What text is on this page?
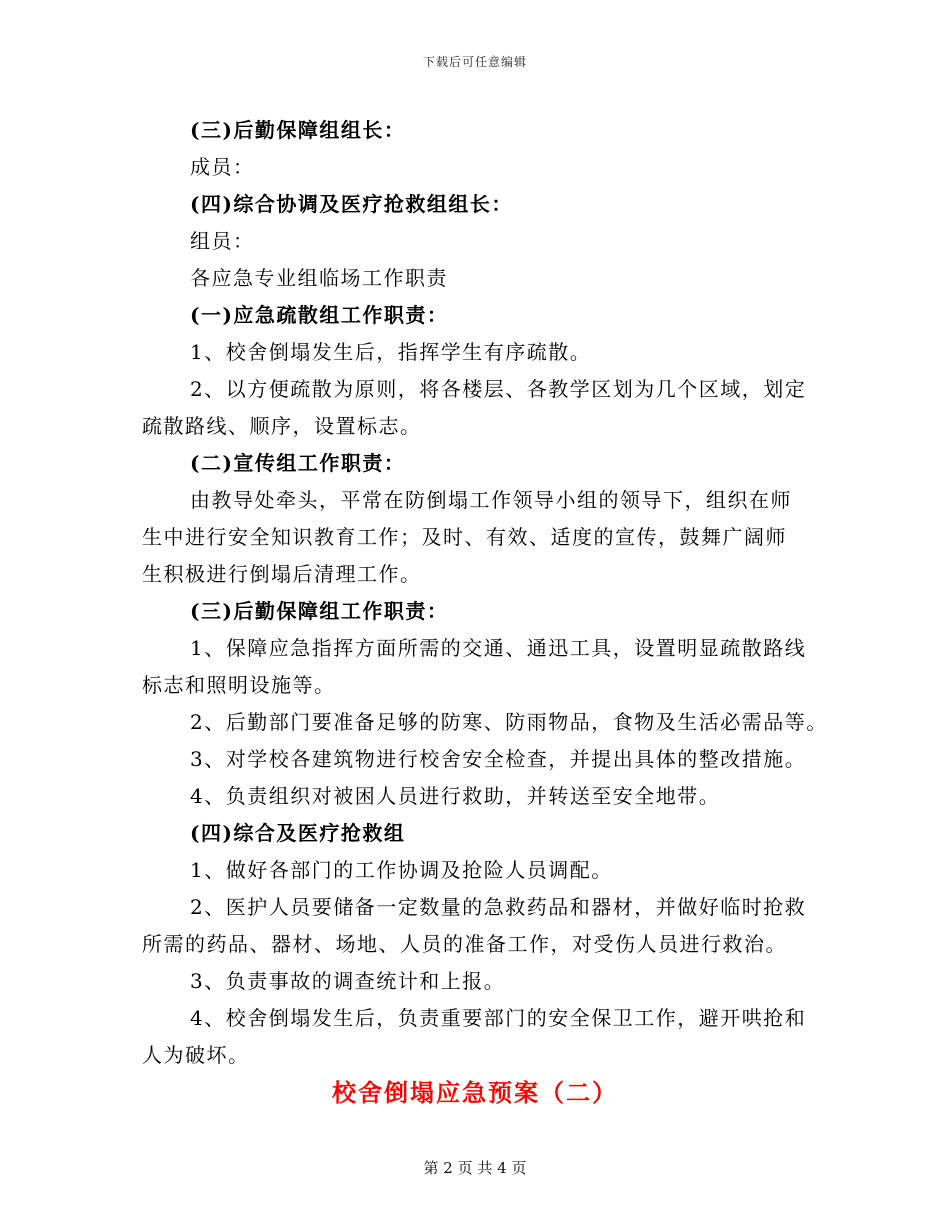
下载后可任意编辑
(三)后勤保障组组长：
成员：
(四)综合协调及医疗抢救组组长：
组员：
各应急专业组临场工作职责
(一)应急疏散组工作职责：
1、校舍倒塌发生后，指挥学生有序疏散。
2、以方便疏散为原则，将各楼层、各教学区划为几个区域，划定
疏散路线、顺序，设置标志。
(二)宣传组工作职责：
由教导处牵头，平常在防倒塌工作领导小组的领导下，组织在师
生中进行安全知识教育工作；及时、有效、适度的宣传，鼓舞广阔师
生积极进行倒塌后清理工作。
(三)后勤保障组工作职责：
1、保障应急指挥方面所需的交通、通迅工具，设置明显疏散路线
标志和照明设施等。
2、后勤部门要准备足够的防寒、防雨物品，食物及生活必需品等。
3、对学校各建筑物进行校舍安全检查，并提出具体的整改措施。
4、负责组织对被困人员进行救助，并转送至安全地带。
(四)综合及医疗抢救组
1、做好各部门的工作协调及抢险人员调配。
2、医护人员要储备一定数量的急救药品和器材，并做好临时抢救
所需的药品、器材、场地、人员的准备工作，对受伤人员进行救治。
3、负责事故的调查统计和上报。
4、校舍倒塌发生后，负责重要部门的安全保卫工作，避开哄抢和
人为破坏。
校舍倒塌应急预案（二）
第 2 页 共 4 页
